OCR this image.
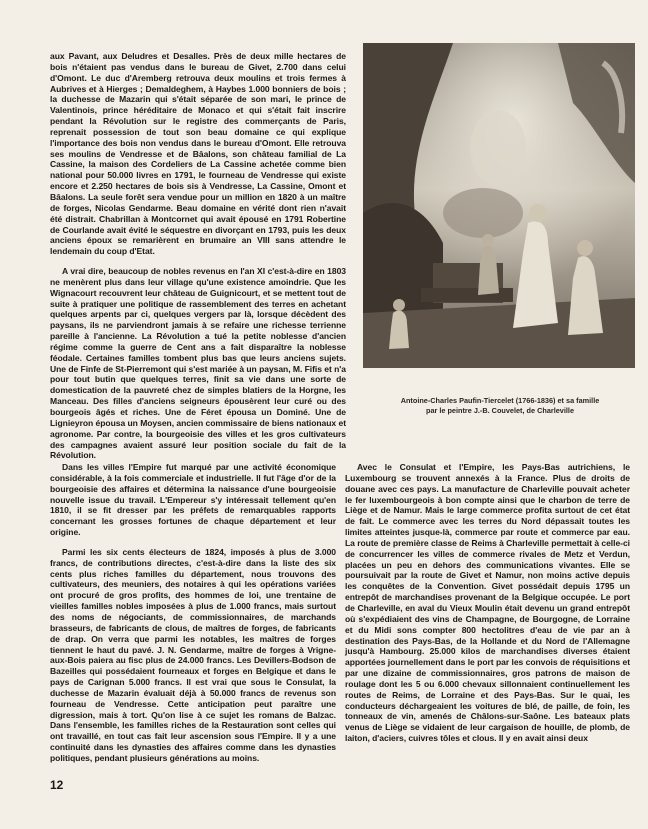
aux Pavant, aux Deludres et Desalles. Près de deux mille hectares de bois n'étaient pas vendus dans le bureau de Givet, 2.700 dans celui d'Omont. Le duc d'Aremberg retrouva deux moulins et trois fermes à Aubrives et à Hierges ; Demaldeghem, à Haybes 1.000 bonniers de bois ; la duchesse de Mazarin qui s'était séparée de son mari, le prince de Valentinois, prince héréditaire de Monaco et qui s'était fait inscrire pendant la Révolution sur le registre des commerçants de Paris, reprenait possession de tout son beau domaine ce qui explique l'importance des bois non vendus dans le bureau d'Omont. Elle retrouva ses moulins de Vendresse et de Bâalons, son château familial de La Cassine, la maison des Cordeliers de La Cassine achetée comme bien national pour 50.000 livres en 1791, le fourneau de Vendresse qui existe encore et 2.250 hectares de bois sis à Vendresse, La Cassine, Omont et Bâalons. La seule forêt sera vendue pour un million en 1820 à un maître de forges, Nicolas Gendarme. Beau domaine en vérité dont rien n'avait été distrait. Chabrillan à Montcornet qui avait épousé en 1791 Robertine de Courlande avait évité le séquestre en divorçant en 1793, puis les deux anciens époux se remarièrent en brumaire an VIII sans attendre le lendemain du coup d'Etat.

A vrai dire, beaucoup de nobles revenus en l'an XI c'est-à-dire en 1803 ne menèrent plus dans leur village qu'une existence amoindrie. Que les Wignacourt recouvrent leur château de Guignicourt, et se mettent tout de suite à pratiquer une politique de rassemblement des terres en achetant quelques arpents par ci, quelques vergers par là, lorsque décèdent des paysans, ils ne parviendront jamais à se refaire une richesse terrienne pareille à l'ancienne. La Révolution a tué la petite noblesse d'ancien régime comme la guerre de Cent ans a fait disparaître la noblesse féodale. Certaines familles tombent plus bas que leurs anciens sujets. Une de Finfe de St-Pierremont qui s'est mariée à un paysan, M. Fifis et n'a pour tout butin que quelques terres, finit sa vie dans une sorte de domestication de la pauvreté chez de simples blatiers de la Horgne, les Manceau. Des filles d'anciens seigneurs épousèrent leur curé ou des bourgeois âgés et riches. Une de Féret épousa un Dominé. Une de Lignieyron épousa un Moysen, ancien commissaire de biens nationaux et agronome. Par contre, la bourgeoisie des villes et les gros cultivateurs des campagnes avaient assuré leur position sociale du fait de la Révolution.

Antoine-Charles Paufin-Tiercelet (1766-1836) et sa famille
par le peintre J.-B. Couvelet, de Charleville

Dans les villes l'Empire fut marqué par une activité économique considérable, à la fois commerciale et industrielle. Il fut l'âge d'or de la bourgeoisie des affaires et détermina la naissance d'une bourgeoisie nouvelle issue du travail. L'Empereur s'y intéressait tellement qu'en 1810, il se fit dresser par les préfets de remarquables rapports concernant les grosses fortunes de chaque département et leur origine.

Parmi les six cents électeurs de 1824, imposés à plus de 3.000 francs, de contributions directes, c'est-à-dire dans la liste des six cents plus riches familles du département, nous trouvons des cultivateurs, des meuniers, des notaires à qui les opérations variées ont procuré de gros profits, des hommes de loi, une trentaine de vieilles familles nobles imposées à plus de 1.000 francs, mais surtout des noms de négociants, de commissionnaires, de marchands brasseurs, de fabricants de clous, de maîtres de forges, de fabricants de drap. On verra que parmi les notables, les maîtres de forges tiennent le haut du pavé. J. N. Gendarme, maître de forges à Vrigne-aux-Bois paiera au fisc plus de 24.000 francs. Les Devillers-Bodson de Bazeilles qui possédaient fourneaux et forges en Belgique et dans le pays de Carignan 5.000 francs. Il est vrai que sous le Consulat, la duchesse de Mazarin évaluait déjà à 50.000 francs de revenus son fourneau de Vendresse. Cette anticipation peut paraître une digression, mais à tort. Qu'on lise à ce sujet les romans de Balzac. Dans l'ensemble, les familles riches de la Restauration sont celles qui ont travaillé, en tout cas fait leur ascension sous l'Empire. Il y a une continuité dans les dynasties des affaires comme dans les dynasties politiques, pendant plusieurs générations au moins.

Avec le Consulat et l'Empire, les Pays-Bas autrichiens, le Luxembourg se trouvent annexés à la France. Plus de droits de douane avec ces pays. La manufacture de Charleville pouvait acheter le fer luxembourgeois à bon compte ainsi que le charbon de terre de Liège et de Namur. Mais le large commerce profita surtout de cet état de fait. Le commerce avec les terres du Nord dépassait toutes les limites atteintes jusque-là, commerce par route et commerce par eau. La route de première classe de Reims à Charleville permettait à celle-ci de concurrencer les villes de commerce rivales de Metz et Verdun, placées un peu en dehors des communications vivantes. Elle se poursuivait par la route de Givet et Namur, non moins active depuis les conquêtes de la Convention. Givet possédait depuis 1795 un entrepôt de marchandises provenant de la Belgique occupée. Le port de Charleville, en aval du Vieux Moulin était devenu un grand entrepôt où s'expédiaient des vins de Champagne, de Bourgogne, de Lorraine et du Midi sons compter 800 hectolitres d'eau de vie par an à destination des Pays-Bas, de la Hollande et du Nord de l'Allemagne jusqu'à Hambourg. 25.000 kilos de marchandises diverses étaient apportées journellement dans le port par les convois de réquisitions et par une dizaine de commissionnaires, gros patrons de maison de roulage dont les 5 ou 6.000 chevaux sillonnaient continuellement les routes de Reims, de Lorraine et des Pays-Bas. Sur le quai, les conducteurs déchargeaient les voitures de blé, de paille, de foin, les tonneaux de vin, amenés de Châlons-sur-Saône. Les bateaux plats venus de Liège se vidaient de leur cargaison de houille, de plomb, de laiton, d'aciers, cuivres tôles et clous. Il y en avait ainsi deux

12
